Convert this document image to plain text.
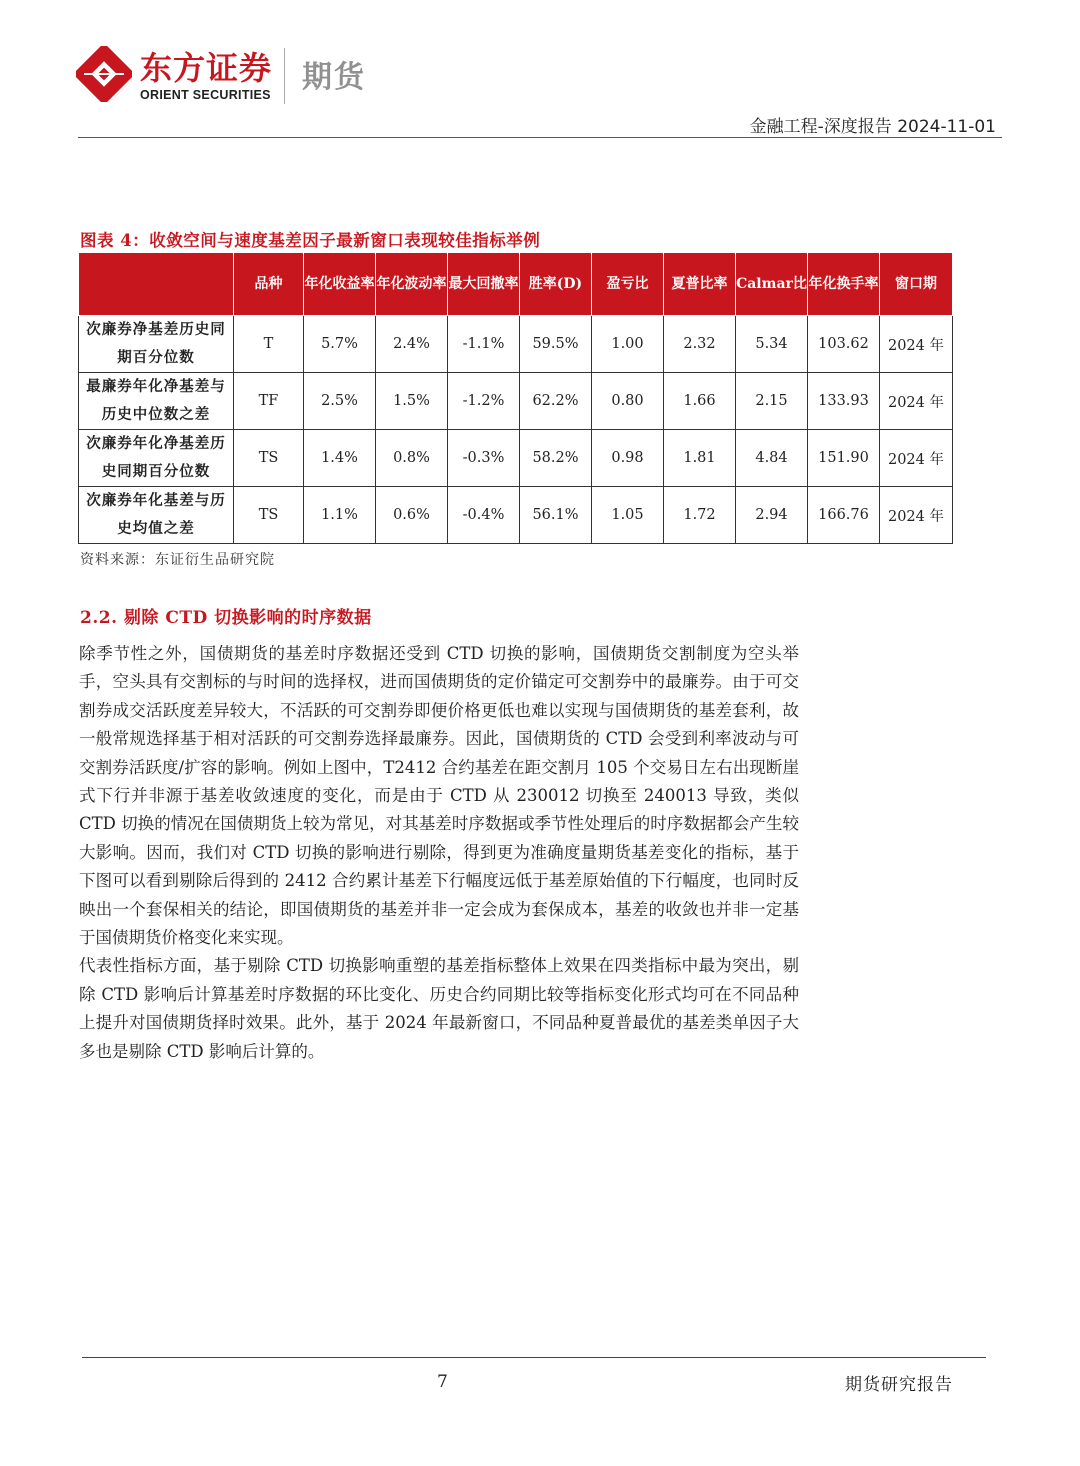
东方证券
ORIENT SECURITIES 期货
金融工程-深度报告 2024-11-01
图表 4：收敛空间与速度基差因子最新窗口表现较佳指标举例
	品种	年化收益率	年化波动率	最大回撤率	胜率(D)	盈亏比	夏普比率	Calmar比	年化换手率	窗口期
次廉券净基差历史同期百分位数	T	5.7%	2.4%	-1.1%	59.5%	1.00	2.32	5.34	103.62	2024 年
最廉券年化净基差与历史中位数之差	TF	2.5%	1.5%	-1.2%	62.2%	0.80	1.66	2.15	133.93	2024 年
次廉券年化净基差历史同期百分位数	TS	1.4%	0.8%	-0.3%	58.2%	0.98	1.81	4.84	151.90	2024 年
次廉券年化基差与历史均值之差	TS	1.1%	0.6%	-0.4%	56.1%	1.05	1.72	2.94	166.76	2024 年
资料来源：东证衍生品研究院
2.2. 剔除 CTD 切换影响的时序数据

除季节性之外，国债期货的基差时序数据还受到 CTD 切换的影响，国债期货交割制度为空头举手，空头具有交割标的与时间的选择权，进而国债期货的定价锚定可交割券中的最廉券。由于可交割券成交活跃度差异较大，不活跃的可交割券即便价格更低也难以实现与国债期货的基差套利，故一般常规选择基于相对活跃的可交割券选择最廉券。因此，国债期货的 CTD 会受到利率波动与可交割券活跃度/扩容的影响。例如上图中，T2412 合约基差在距交割月 105 个交易日左右出现断崖式下行并非源于基差收敛速度的变化，而是由于 CTD 从 230012 切换至 240013 导致，类似 CTD 切换的情况在国债期货上较为常见，对其基差时序数据或季节性处理后的时序数据都会产生较大影响。因而，我们对 CTD 切换的影响进行剔除，得到更为准确度量期货基差变化的指标，基于下图可以看到剔除后得到的 2412 合约累计基差下行幅度远低于基差原始值的下行幅度，也同时反映出一个套保相关的结论，即国债期货的基差并非一定会成为套保成本，基差的收敛也并非一定基于国债期货价格变化来实现。

代表性指标方面，基于剔除 CTD 切换影响重塑的基差指标整体上效果在四类指标中最为突出，剔除 CTD 影响后计算基差时序数据的环比变化、历史合约同期比较等指标变化形式均可在不同品种上提升对国债期货择时效果。此外，基于 2024 年最新窗口，不同品种夏普最优的基差类单因子大多也是剔除 CTD 影响后计算的。

7	期货研究报告
